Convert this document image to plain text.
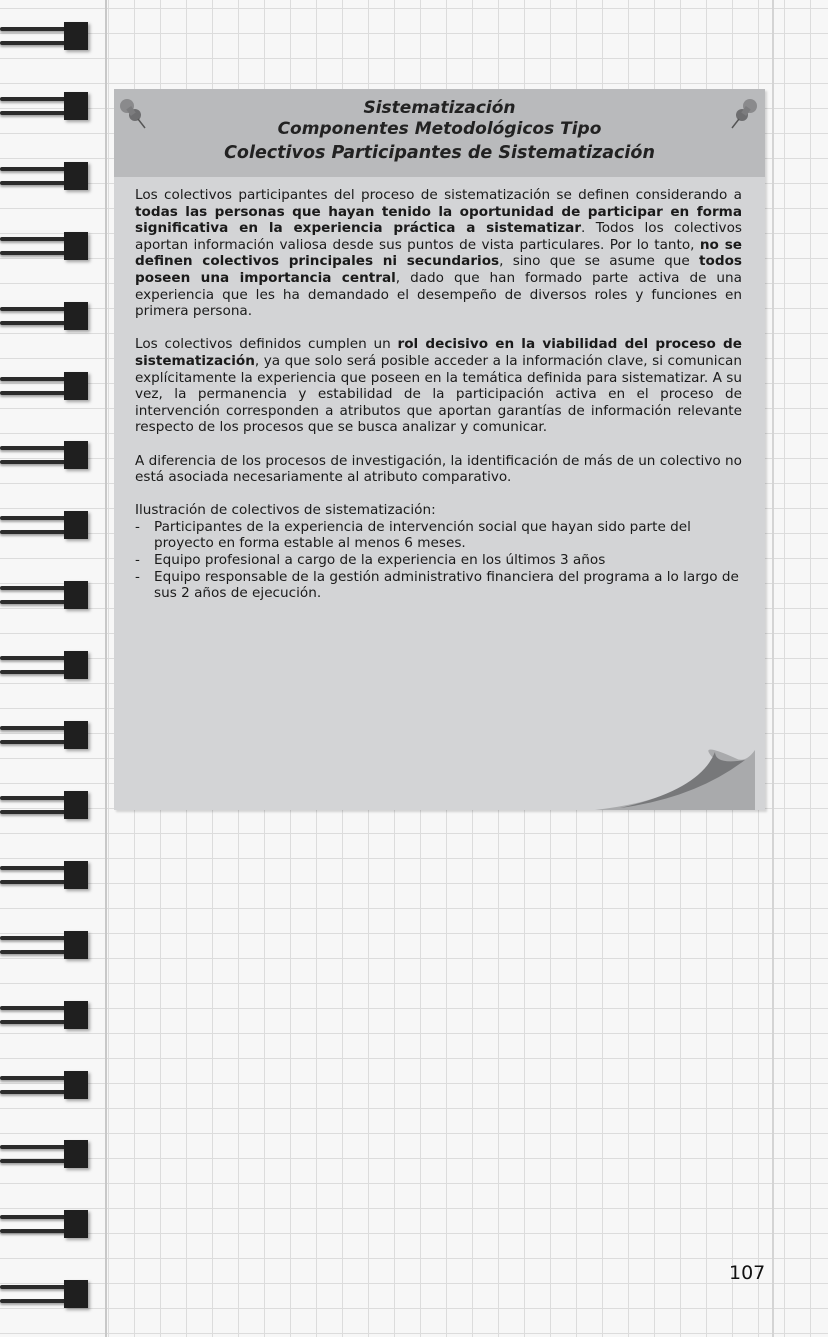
Sistematización
Componentes Metodológicos Tipo
Colectivos Participantes de Sistematización

Los colectivos participantes del proceso de sistematización se definen considerando a todas las personas que hayan tenido la oportunidad de participar en forma significativa en la experiencia práctica a sistematizar. Todos los colectivos aportan información valiosa desde sus puntos de vista particulares. Por lo tanto, no se definen colectivos principales ni secundarios, sino que se asume que todos poseen una importancia central, dado que han formado parte activa de una experiencia que les ha demandado el desempeño de diversos roles y funciones en primera persona.

Los colectivos definidos cumplen un rol decisivo en la viabilidad del proceso de sistematización, ya que solo será posible acceder a la información clave, si comunican explícitamente la experiencia que poseen en la temática definida para sistematizar. A su vez, la permanencia y estabilidad de la participación activa en el proceso de intervención corresponden a atributos que aportan garantías de información relevante respecto de los procesos que se busca analizar y comunicar.

A diferencia de los procesos de investigación, la identificación de más de un colectivo no está asociada necesariamente al atributo comparativo.

Ilustración de colectivos de sistematización:
- Participantes de la experiencia de intervención social que hayan sido parte del proyecto en forma estable al menos 6 meses.
- Equipo profesional a cargo de la experiencia en los últimos 3 años
- Equipo responsable de la gestión administrativo financiera del programa a lo largo de sus 2 años de ejecución.
107
